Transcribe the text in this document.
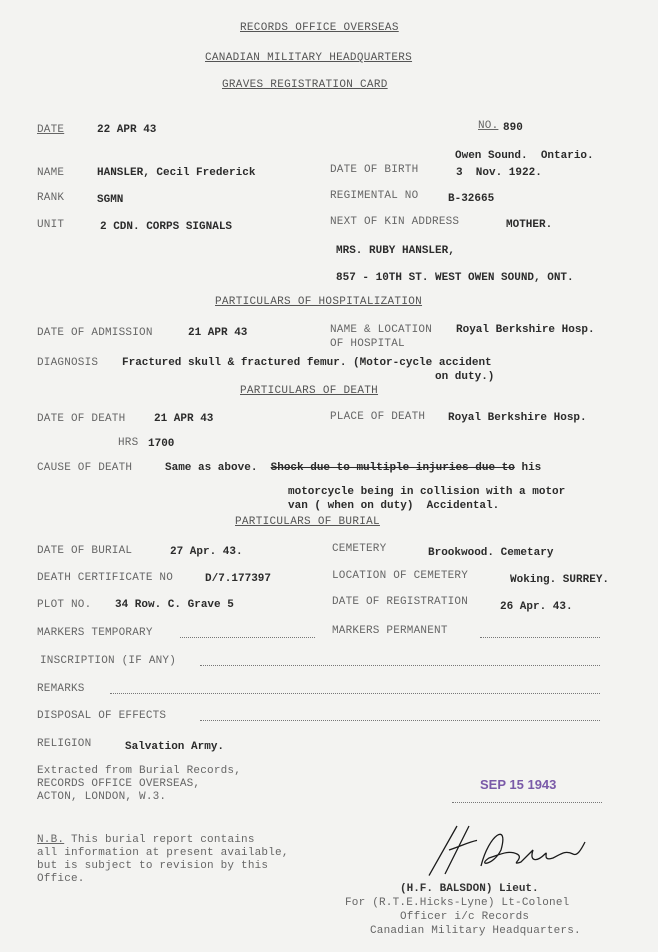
RECORDS OFFICE OVERSEAS
CANADIAN MILITARY HEADQUARTERS
GRAVES REGISTRATION CARD
DATE	22 APR 43	NO. 890
Owen Sound.  Ontario.
NAME	HANSLER, Cecil Frederick	DATE OF BIRTH	3  Nov. 1922.
RANK	SGMN	REGIMENTAL NO	B-32665
UNIT	2 CDN. CORPS SIGNALS	NEXT OF KIN ADDRESS	MOTHER.
MRS. RUBY HANSLER,
857 - 10TH ST. WEST OWEN SOUND, ONT.
PARTICULARS OF HOSPITALIZATION
DATE OF ADMISSION	21 APR 43	NAME & LOCATION
OF HOSPITAL
Royal Berkshire Hosp.
DIAGNOSIS Fractured skull & fractured femur. (Motor-cycle accident
on duty.)
PARTICULARS OF DEATH
DATE OF DEATH	21 APR 43	PLACE OF DEATH Royal Berkshire Hosp.
HRS 1700
CAUSE OF DEATH	Same as above. Shock due to multiple injuries due to his
motorcycle being in collision with a motor
van ( when on duty)  Accidental.
PARTICULARS OF BURIAL
DATE OF BURIAL	27 Apr. 43.	CEMETERY	Brookwood. Cemetary
DEATH CERTIFICATE NO	D/7.177397	LOCATION OF CEMETERY	Woking. SURREY.
PLOT NO. 34 Row. C. Grave 5	DATE OF REGISTRATION	26 Apr. 43.
MARKERS TEMPORARY	MARKERS PERMANENT
INSCRIPTION (IF ANY)
REMARKS
DISPOSAL OF EFFECTS
RELIGION	Salvation Army.
Extracted from Burial Records,
RECORDS OFFICE OVERSEAS,
ACTON, LONDON, W.3.
SEP 15 1943
N.B. This burial report contains
all information at present available,
but is subject to revision by this
Office.
(H.F. BALSDON) Lieut.
For (R.T.E.Hicks-Lyne) Lt-Colonel
Officer i/c Records
Canadian Military Headquarters.
